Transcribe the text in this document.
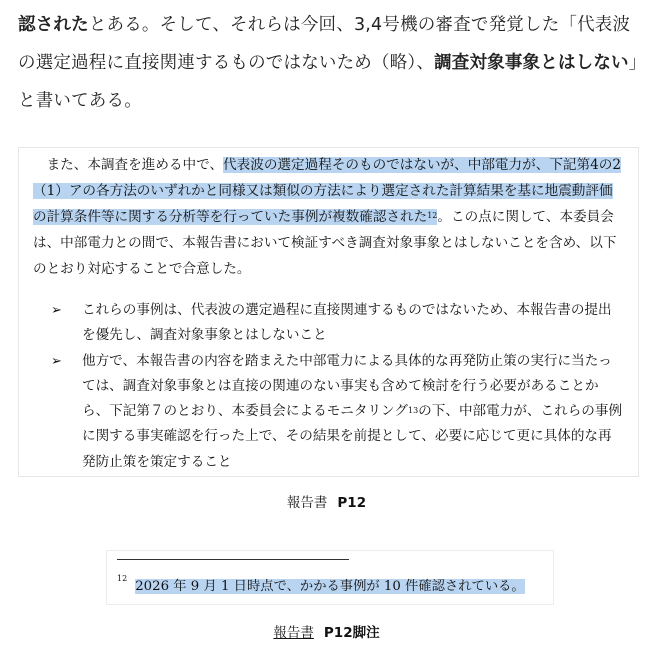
認されたとある。そして、それらは今回、3,4号機の審査で発覚した「代表波の選定過程に直接関連するものではないため（略）、調査対象事象とはしない」と書いてある。
　また、本調査を進める中で、代表波の選定過程そのものではないが、中部電力が、下記第4の2（1）アの各方法のいずれかと同様又は類似の方法により選定された計算結果を基に地震動評価の計算条件等に関する分析等を行っていた事例が複数確認された$^{12}$。この点に関して、本委員会は、中部電力との間で、本報告書において検証すべき調査対象事象とはしないことを含め、以下のとおり対応することで合意した。
➢ これらの事例は、代表波の選定過程に直接関連するものではないため、本報告書の提出を優先し、調査対象事象とはしないこと
➢ 他方で、本報告書の内容を踏まえた中部電力による具体的な再発防止策の実行に当たっては、調査対象事象とは直接の関連のない事実も含めて検討を行う必要があることから、下記第７のとおり、本委員会によるモニタリング$^{13}$の下、中部電力が、これらの事例に関する事実確認を行った上で、その結果を前提として、必要に応じて更に具体的な再発防止策を策定すること
報告書 P12
$^{12}$2026 年 9 月 1 日時点で、かかる事例が 10 件確認されている。
報告書 P12脚注
